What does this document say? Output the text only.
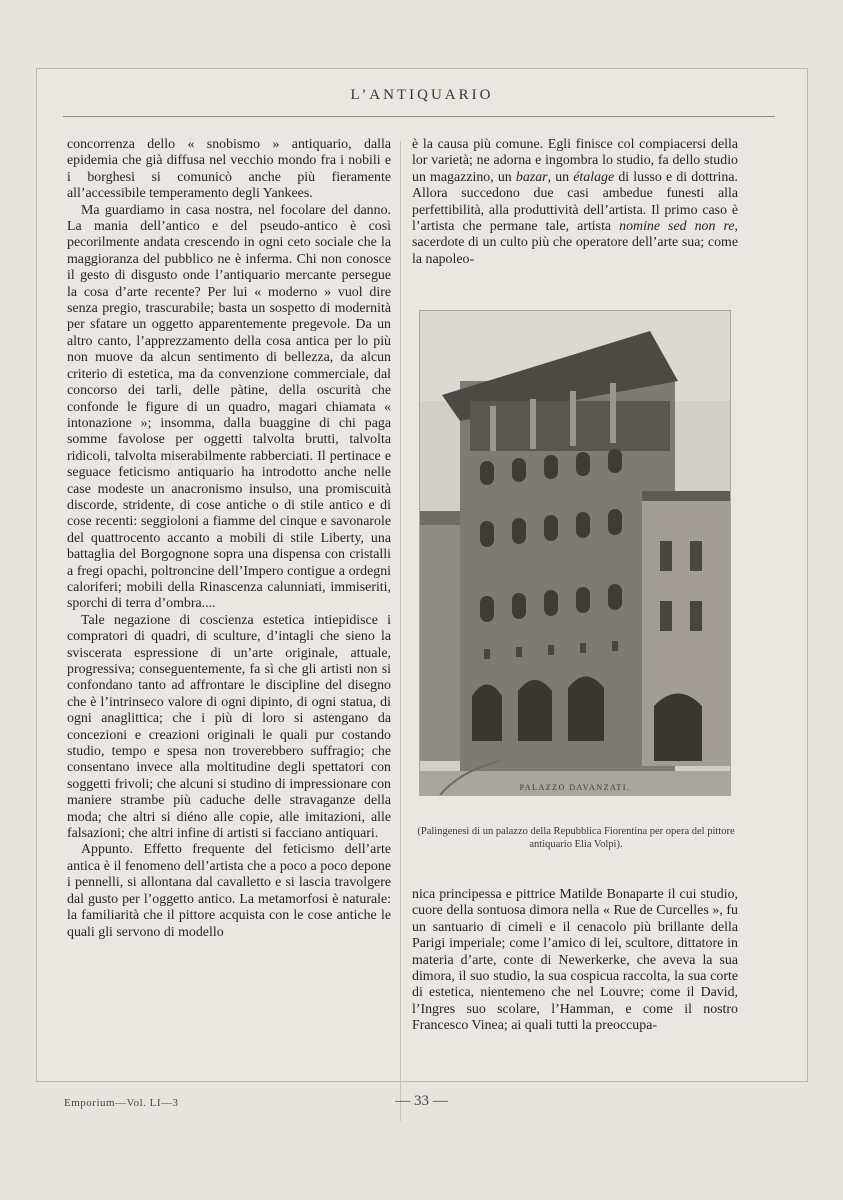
L’ANTIQUARIO

concorrenza dello « snobismo » antiquario, dalla epidemia che già diffusa nel vecchio mondo fra i nobili e i borghesi si comunicò anche più fieramente all’accessibile temperamento degli Yankees.

Ma guardiamo in casa nostra, nel focolare del danno. La mania dell’antico e del pseudo-antico è così pecorilmente andata crescendo in ogni ceto sociale che la maggioranza del pubblico ne è inferma. Chi non conosce il gesto di disgusto onde l’antiquario mercante persegue la cosa d’arte recente? Per lui « moderno » vuol dire senza pregio, trascurabile; basta un sospetto di modernità per sfatare un oggetto apparentemente pregevole. Da un altro canto, l’apprezzamento della cosa antica per lo più non muove da alcun sentimento di bellezza, da alcun criterio di estetica, ma da convenzione commerciale, dal concorso dei tarli, delle pàtine, della oscurità che confonde le figure di un quadro, magari chiamata « intonazione »; insomma, dalla buaggine di chi paga somme favolose per oggetti talvolta brutti, talvolta ridicoli, talvolta miserabilmente rabberciati. Il pertinace e seguace feticismo antiquario ha introdotto anche nelle case modeste un anacronismo insulso, una promiscuità discorde, stridente, di cose antiche o di stile antico e di cose recenti: seggioloni a fiamme del cinque e savonarole del quattrocento accanto a mobili di stile Liberty, una battaglia del Borgognone sopra una dispensa con cristalli a fregi opachi, poltroncine dell’Impero contigue a ordegni caloriferi; mobili della Rinascenza calunniati, immiseriti, sporchi di terra d’ombra....

Tale negazione di coscienza estetica intiepidisce i compratori di quadri, di sculture, d’intagli che sieno la sviscerata espressione di un’arte originale, attuale, progressiva; conseguentemente, fa sì che gli artisti non si confondano tanto ad affrontare le discipline del disegno che è l’intrinseco valore di ogni dipinto, di ogni statua, di ogni anaglittica; che i più di loro si astengano da concezioni e creazioni originali le quali pur costando studio, tempo e spesa non troverebbero suffragio; che consentano invece alla moltitudine degli spettatori con soggetti frivoli; che alcuni si studino di impressionare con maniere strambe più caduche delle stravaganze della moda; che altri si diéno alle copie, alle imitazioni, alle falsazioni; che altri infine di artisti si facciano antiquari.

Appunto. Effetto frequente del feticismo dell’arte antica è il fenomeno dell’artista che a poco a poco depone i pennelli, si allontana dal cavalletto e si lascia travolgere dal gusto per l’oggetto antico. La metamorfosi è naturale: la familiarità che il pittore acquista con le cose antiche le quali gli servono di modello

è la causa più comune. Egli finisce col compiacersi della lor varietà; ne adorna e ingombra lo studio, fa dello studio un magazzino, un bazar, un étalage di lusso e di dottrina. Allora succedono due casi ambedue funesti alla perfettibilità, alla produttività dell’artista. Il primo caso è l’artista che permane tale, artista nomine sed non re, sacerdote di un culto più che operatore dell’arte sua; come la napoleo-

PALAZZO DAVANZATI.
(Palingenesi di un palazzo della Repubblica Fiorentina per opera del pittore antiquario Elia Volpi).

nica principessa e pittrice Matilde Bonaparte il cui studio, cuore della sontuosa dimora nella « Rue de Curcelles », fu un santuario di cimeli e il cenacolo più brillante della Parigi imperiale; come l’amico di lei, scultore, dittatore in materia d’arte, conte di Newerkerke, che aveva la sua dimora, il suo studio, la sua cospicua raccolta, la sua corte di estetica, nientemeno che nel Louvre; come il David, l’Ingres suo scolare, l’Hamman, e come il nostro Francesco Vinea; ai quali tutti la preoccupa-

Emporium—Vol. LI—3	— 33 —
